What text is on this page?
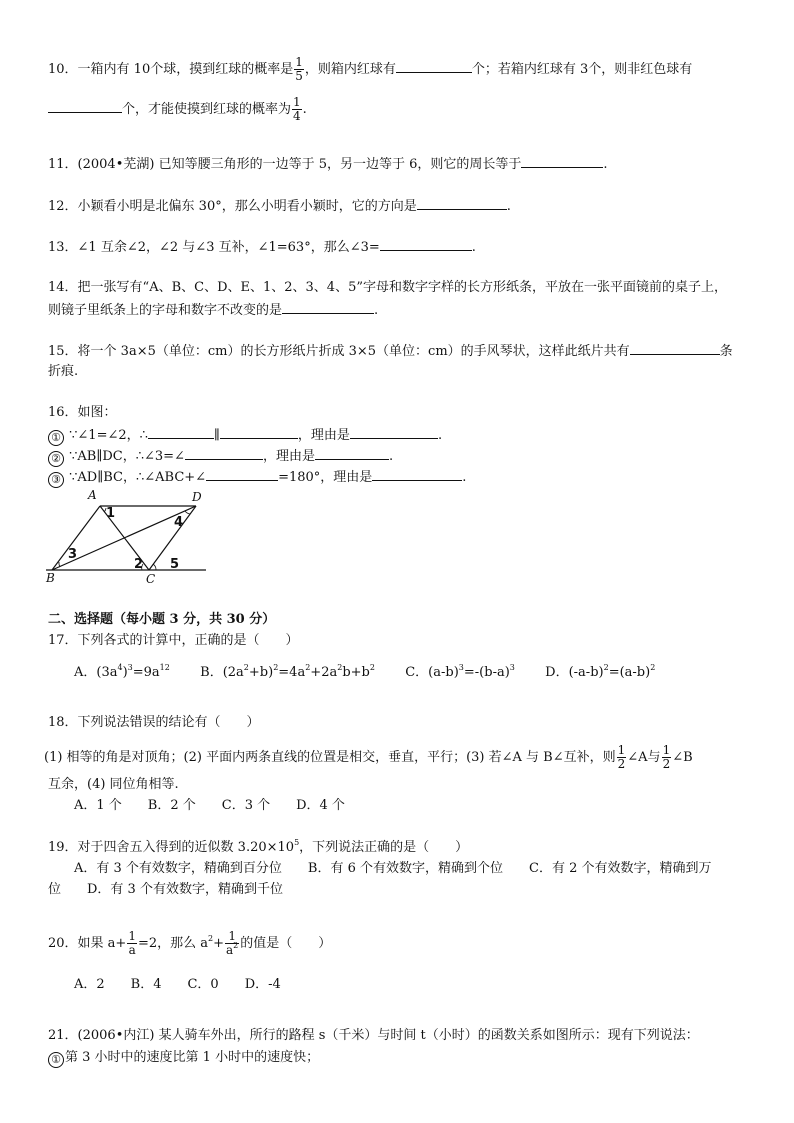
10．一箱内有 10个球，摸到红球的概率是 $\frac{1}{5}$ ，则箱内红球有	个；若箱内红球有 3个，则非红色球有
个，才能使摸到红球的概率为 $\frac{1}{4}$ .
11．(2004•芜湖) 已知等腰三角形的一边等于 5，另一边等于 6，则它的周长等于	.
12．小颖看小明是北偏东 30°，那么小明看小颖时，它的方向是	.
13．∠1 互余∠2，∠2 与∠3 互补，∠1=63°，那么∠3=	.
14．把一张写有“A、B、C、D、E、1、2、3、4、5”字母和数字字样的长方形纸条，平放在一张平面镜前的桌子上，
则镜子里纸条上的字母和数字不改变的是	.
15．将一个 3a×5（单位：cm）的长方形纸片折成 3×5（单位：cm）的手风琴状，这样此纸片共有	条
折痕.
16．如图：
① ∵∠1=∠2，∴	∥	，理由是	.
② ∵AB∥DC，∴∠3=∠	，理由是	.
③ ∵AD∥BC，∴∠ABC+∠	=180°，理由是	.
A	D
B	C
1
4
3
2 5
二、选择题（每小题 3 分，共 30 分）
17．下列各式的计算中，正确的是（　　）
A．$(3a^4)^3=9a^{12}$ B．$(2a^2+b)^2=4a^2+2a^2b+b^2$ C．$(a-b)^3=-(b-a)^3$ D．$(-a-b)^2=(a-b)^2$
18．下列说法错误的结论有（　　）
(1) 相等的角是对顶角；(2) 平面内两条直线的位置是相交，垂直，平行；(3) 若∠A 与 B∠互补，则 $\frac{1}{2}$ ∠A与 $\frac{1}{2}$ ∠B
互余，(4) 同位角相等.
A．1 个　　B．2 个　　C．3 个　　D．4 个
19．对于四舍五入得到的近似数 $3.20\times 10^5$，下列说法正确的是（　　）
A．有 3 个有效数字，精确到百分位　　B．有 6 个有效数字，精确到个位　　C．有 2 个有效数字，精确到万
位　　D．有 3 个有效数字，精确到千位
20．如果 $a+ \frac{1}{a} =2$，那么 $a^2+ \frac{1}{a^2}$ 的值是（　　）
A．2　　B．4　　C．0　　D．-4
21．(2006•内江) 某人骑车外出，所行的路程 s（千米）与时间 t（小时）的函数关系如图所示：现有下列说法：
① 第 3 小时中的速度比第 1 小时中的速度快；
